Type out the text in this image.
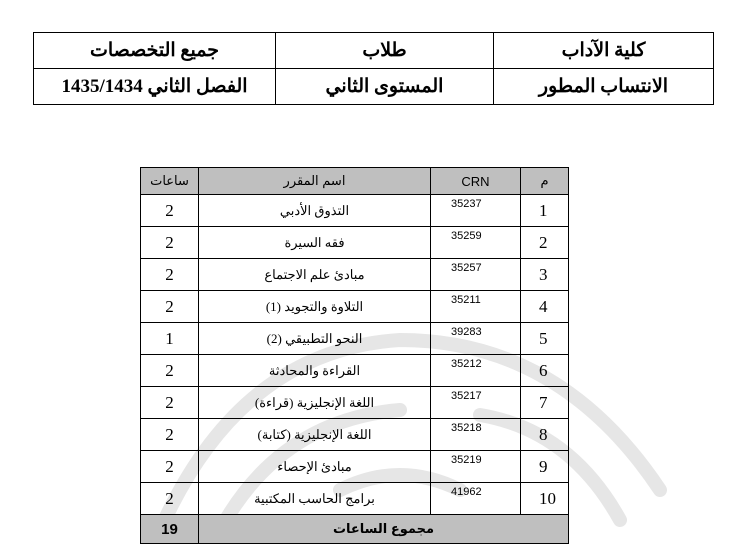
كلية الآداب	طلاب	جميع التخصصات
الانتساب المطور	المستوى الثاني	الفصل الثاني 1435/1434
م	CRN	اسم المقرر	ساعات
1	35237	التذوق الأدبي	2
2	35259	فقه السيرة	2
3	35257	مبادئ علم الاجتماع	2
4	35211	التلاوة والتجويد (1)	2
5	39283	النحو التطبيقي (2)	1
6	35212	القراءة والمحادثة	2
7	35217	اللغة الإنجليزية (قراءة)	2
8	35218	اللغة الإنجليزية (كتابة)	2
9	35219	مبادئ الإحصاء	2
10	41962	برامج الحاسب المكتبية	2
مجموع الساعات			19
